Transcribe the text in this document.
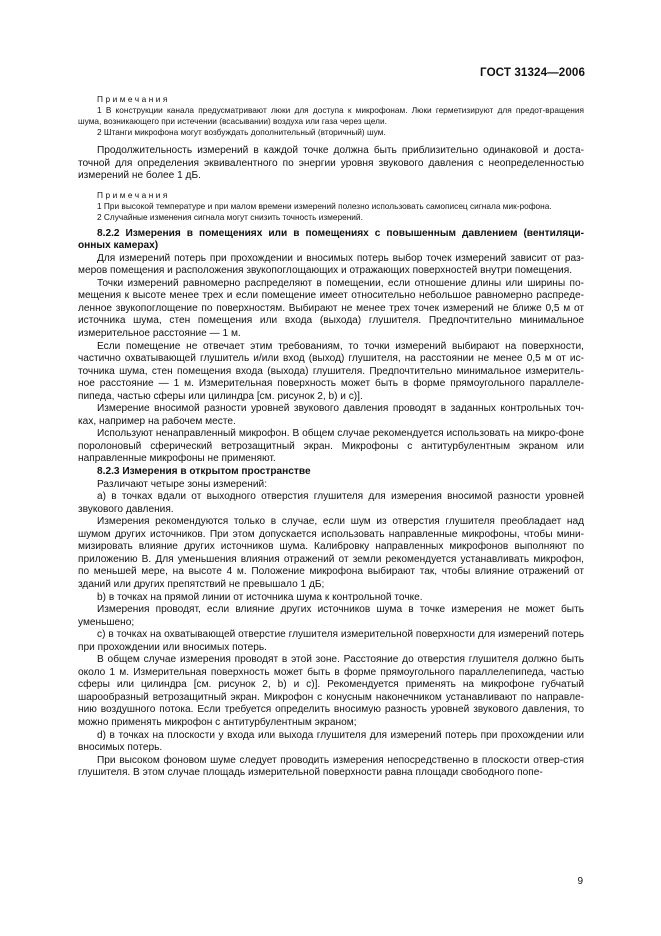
ГОСТ 31324—2006

Примечания

1 В конструкции канала предусматривают люки для доступа к микрофонам. Люки герметизируют для предот-вращения шума, возникающего при истечении (всасывании) воздуха или газа через щели.

2 Штанги микрофона могут возбуждать дополнительный (вторичный) шум.

Продолжительность измерений в каждой точке должна быть приблизительно одинаковой и доста-точной для определения эквивалентного по энергии уровня звукового давления с неопределенностью измерений не более 1 дБ.

Примечания

1 При высокой температуре и при малом времени измерений полезно использовать самописец сигнала мик-рофона.

2 Случайные изменения сигнала могут снизить точность измерений.

8.2.2 Измерения в помещениях или в помещениях с повышенным давлением (вентиляци-онных камерах)

Для измерений потерь при прохождении и вносимых потерь выбор точек измерений зависит от раз-меров помещения и расположения звукопоглощающих и отражающих поверхностей внутри помещения.

Точки измерений равномерно распределяют в помещении, если отношение длины или ширины по-мещения к высоте менее трех и если помещение имеет относительно небольшое равномерно распреде-ленное звукопоглощение по поверхностям. Выбирают не менее трех точек измерений не ближе 0,5 м от источника шума, стен помещения или входа (выхода) глушителя. Предпочтительно минимальное измерительное расстояние — 1 м.

Если помещение не отвечает этим требованиям, то точки измерений выбирают на поверхности, частично охватывающей глушитель и/или вход (выход) глушителя, на расстоянии не менее 0,5 м от ис-точника шума, стен помещения входа (выхода) глушителя. Предпочтительно минимальное измеритель-ное расстояние — 1 м. Измерительная поверхность может быть в форме прямоугольного параллеле-пипеда, частью сферы или цилиндра [см. рисунок 2, b) и c)].

Измерение вносимой разности уровней звукового давления проводят в заданных контрольных точ-ках, например на рабочем месте.

Используют ненаправленный микрофон. В общем случае рекомендуется использовать на микро-фоне поролоновый сферический ветрозащитный экран. Микрофоны с антитурбулентным экраном или направленные микрофоны не применяют.

8.2.3 Измерения в открытом пространстве

Различают четыре зоны измерений:

a) в точках вдали от выходного отверстия глушителя для измерения вносимой разности уровней звукового давления.

Измерения рекомендуются только в случае, если шум из отверстия глушителя преобладает над шумом других источников. При этом допускается использовать направленные микрофоны, чтобы мини-мизировать влияние других источников шума. Калибровку направленных микрофонов выполняют по приложению В. Для уменьшения влияния отражений от земли рекомендуется устанавливать микрофон, по меньшей мере, на высоте 4 м. Положение микрофона выбирают так, чтобы влияние отражений от зданий или других препятствий не превышало 1 дБ;

b) в точках на прямой линии от источника шума к контрольной точке.

Измерения проводят, если влияние других источников шума в точке измерения не может быть уменьшено;

c) в точках на охватывающей отверстие глушителя измерительной поверхности для измерений потерь при прохождении или вносимых потерь.

В общем случае измерения проводят в этой зоне. Расстояние до отверстия глушителя должно быть около 1 м. Измерительная поверхность может быть в форме прямоугольного параллелепипеда, частью сферы или цилиндра [см. рисунок 2, b) и c)]. Рекомендуется применять на микрофоне губчатый шарообразный ветрозащитный экран. Микрофон с конусным наконечником устанавливают по направле-нию воздушного потока. Если требуется определить вносимую разность уровней звукового давления, то можно применять микрофон с антитурбулентным экраном;

d) в точках на плоскости у входа или выхода глушителя для измерений потерь при прохождении или вносимых потерь.

При высоком фоновом шуме следует проводить измерения непосредственно в плоскости отвер-стия глушителя. В этом случае площадь измерительной поверхности равна площади свободного попе-

9
